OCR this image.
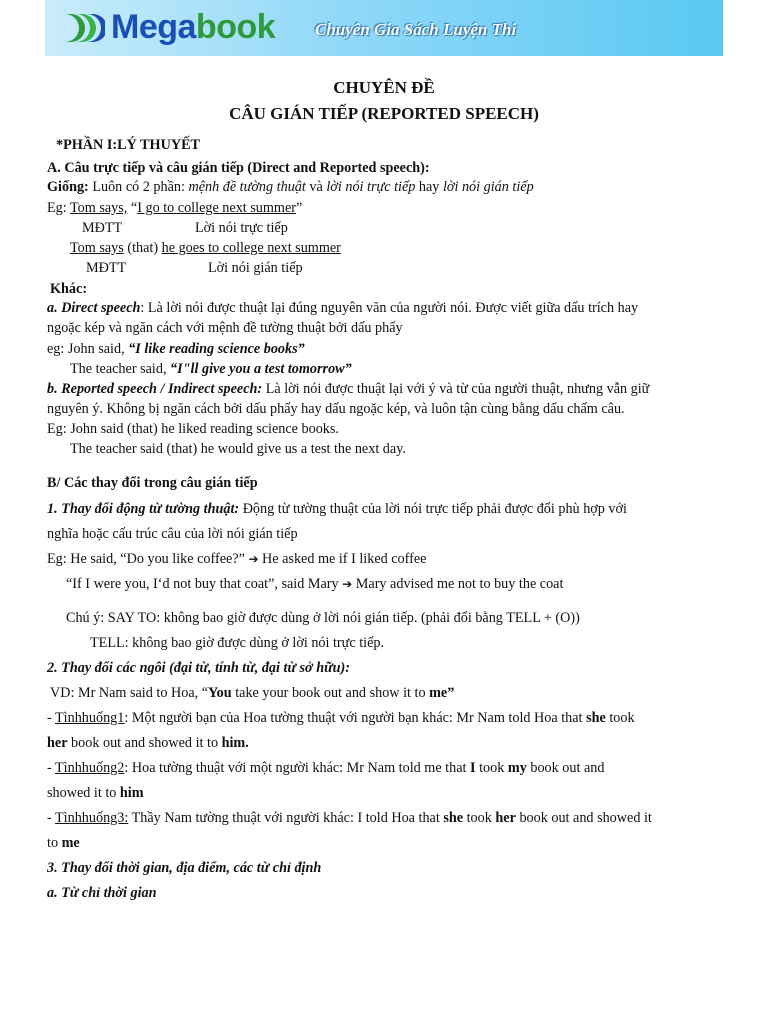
Megabook Chuyên Gia Sách Luyện Thi
CHUYÊN ĐỀ
CÂU GIÁN TIẾP (REPORTED SPEECH)
*PHẦN I:LÝ THUYẾT
A. Câu trực tiếp và câu gián tiếp (Direct and Reported speech):
Giống: Luôn có 2 phần: mệnh đề tường thuật và lời nói trực tiếp hay lời nói gián tiếp
Eg: Tom says, “I go to college next summer”
MĐTT	Lời nói trực tiếp
Tom says (that) he goes to college next summer
MĐTT	Lời nói gián tiếp
Khác:
a. Direct speech: Là lời nói được thuật lại đúng nguyên văn của người nói. Được viết giữa dấu trích hay
ngoặc kép và ngăn cách với mệnh đề tường thuật bởi dấu phẩy
eg: John said, “I like reading science books”
The teacher said, “I"ll give you a test tomorrow”
b. Reported speech / Indirect speech: Là lời nói được thuật lại với ý và từ của người thuật, nhưng vẫn giữ
nguyên ý. Không bị ngăn cách bởi dấu phẩy hay dấu ngoặc kép, và luôn tận cùng bằng dấu chấm câu.
Eg: John said (that) he liked reading science books.
The teacher said (that) he would give us a test the next day.
B/ Các thay đổi trong câu gián tiếp
1. Thay đổi động từ tường thuật: Động từ tường thuật của lời nói trực tiếp phải được đổi phù hợp với
nghĩa hoặc cấu trúc câu của lời nói gián tiếp
Eg: He said, “Do you like coffee?” ➔ He asked me if I liked coffee
“If I were you, I‘d not buy that coat”, said Mary ➔ Mary advised me not to buy the coat
Chú ý: SAY TO: không bao giờ được dùng ở lời nói gián tiếp. (phải đổi bằng TELL + (O))
TELL: không bao giờ được dùng ở lời nói trực tiếp.
2. Thay đổi các ngôi (đại từ, tính từ, đại từ sở hữu):
VD: Mr Nam said to Hoa, “You take your book out and show it to me”
- Tìnhhuống1: Một người bạn của Hoa tường thuật với người bạn khác: Mr Nam told Hoa that she took
her book out and showed it to him.
- Tìnhhuống2: Hoa tường thuật với một người khác: Mr Nam told me that I took my book out and
showed it to him
- Tìnhhuống3: Thầy Nam tường thuật với người khác: I told Hoa that she took her book out and showed it
to me
3. Thay đổi thời gian, địa điểm, các từ chỉ định
a. Từ chỉ thời gian
